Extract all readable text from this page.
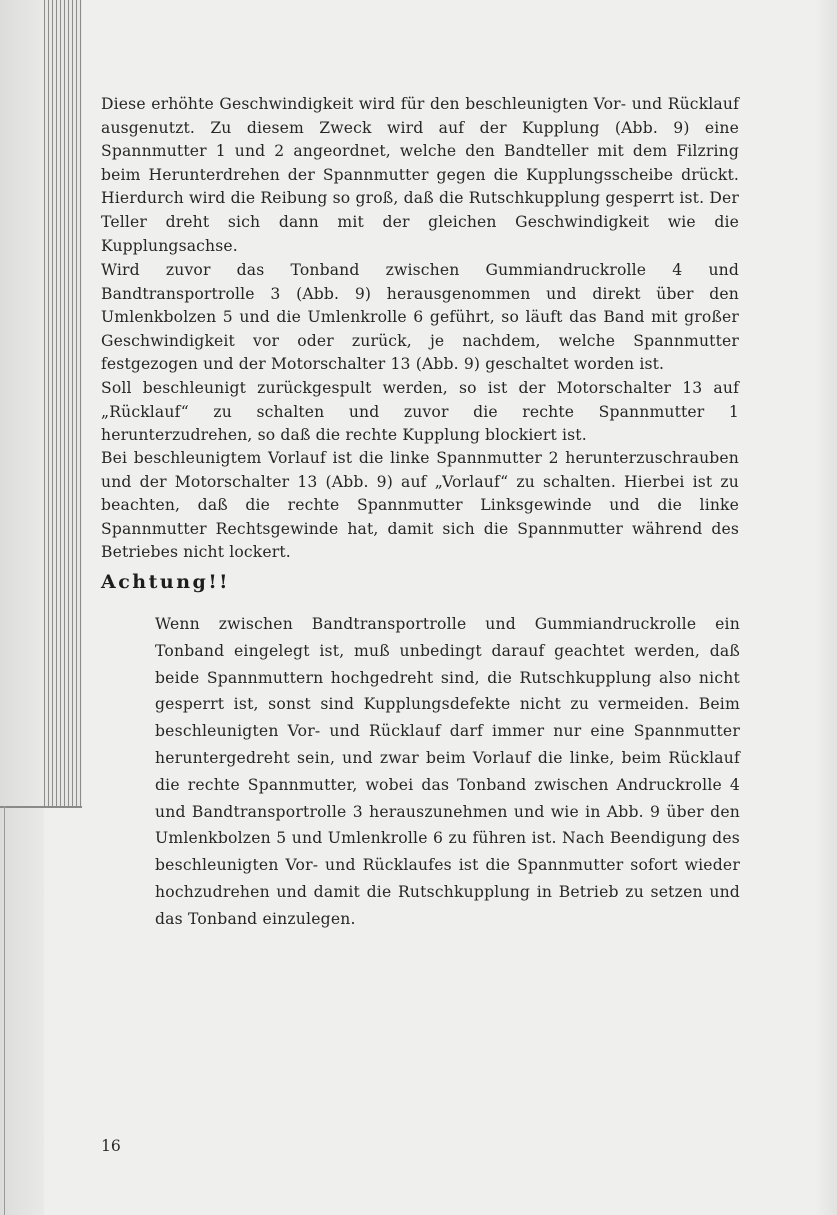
Diese erhöhte Geschwindigkeit wird für den beschleunigten Vor- und Rücklauf ausgenutzt. Zu diesem Zweck wird auf der Kupplung (Abb. 9) eine Spannmutter 1 und 2 angeordnet, welche den Bandteller mit dem Filzring beim Herunterdrehen der Spannmutter gegen die Kupplungsscheibe drückt. Hierdurch wird die Reibung so groß, daß die Rutschkupplung gesperrt ist. Der Teller dreht sich dann mit der gleichen Geschwindigkeit wie die Kupplungsachse.

Wird zuvor das Tonband zwischen Gummiandruckrolle 4 und Bandtransportrolle 3 (Abb. 9) herausgenommen und direkt über den Umlenkbolzen 5 und die Umlenkrolle 6 geführt, so läuft das Band mit großer Geschwindigkeit vor oder zurück, je nachdem, welche Spannmutter festgezogen und der Motorschalter 13 (Abb. 9) geschaltet worden ist.

Soll beschleunigt zurückgespult werden, so ist der Motorschalter 13 auf „Rücklauf“ zu schalten und zuvor die rechte Spannmutter 1 herunterzudrehen, so daß die rechte Kupplung blockiert ist.

Bei beschleunigtem Vorlauf ist die linke Spannmutter 2 herunterzuschrauben und der Motorschalter 13 (Abb. 9) auf „Vorlauf“ zu schalten. Hierbei ist zu beachten, daß die rechte Spannmutter Linksgewinde und die linke Spannmutter Rechtsgewinde hat, damit sich die Spannmutter während des Betriebes nicht lockert.

Achtung!!

Wenn zwischen Bandtransportrolle und Gummiandruckrolle ein Tonband eingelegt ist, muß unbedingt darauf geachtet werden, daß beide Spannmuttern hochgedreht sind, die Rutschkupplung also nicht gesperrt ist, sonst sind Kupplungsdefekte nicht zu vermeiden. Beim beschleunigten Vor- und Rücklauf darf immer nur eine Spannmutter heruntergedreht sein, und zwar beim Vorlauf die linke, beim Rücklauf die rechte Spannmutter, wobei das Tonband zwischen Andruckrolle 4 und Bandtransportrolle 3 herauszunehmen und wie in Abb. 9 über den Umlenkbolzen 5 und Umlenkrolle 6 zu führen ist. Nach Beendigung des beschleunigten Vor- und Rücklaufes ist die Spannmutter sofort wieder hochzudrehen und damit die Rutschkupplung in Betrieb zu setzen und das Tonband einzulegen.

16
